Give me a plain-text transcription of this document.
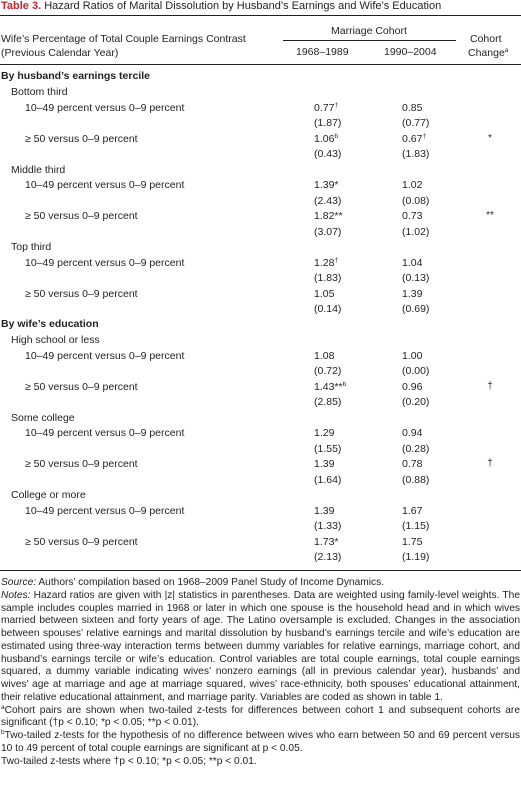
Table 3. Hazard Ratios of Marital Dissolution by Husband’s Earnings and Wife’s Education
Wife’s Percentage of Total Couple Earnings Contrast
(Previous Calendar Year)
Marriage Cohort
1968–1989	1990–2004
Cohort
Change$^a$
By husband’s earnings tercile
Bottom third
10–49 percent versus 0–9 percent	0.77†	0.85
(1.87)	(0.77)
≥ 50 versus 0–9 percent	1.06$^b$	0.67†	*
(0.43)	(1.83)
Middle third
10–49 percent versus 0–9 percent	1.39*	1.02
(2.43)	(0.08)
≥ 50 versus 0–9 percent	1.82**	0.73	**
(3.07)	(1.02)
Top third
10–49 percent versus 0–9 percent	1.28†	1.04
(1.83)	(0.13)
≥ 50 versus 0–9 percent	1.05	1.39
(0.14)	(0.69)
By wife’s education
High school or less
10–49 percent versus 0–9 percent	1.08	1.00
(0.72)	(0.00)
≥ 50 versus 0–9 percent	1.43**$^b$	0.96	†
(2.85)	(0.20)
Some college
10–49 percent versus 0–9 percent	1.29	0.94
(1.55)	(0.28)
≥ 50 versus 0–9 percent	1.39	0.78	†
(1.64)	(0.88)
College or more
10–49 percent versus 0–9 percent	1.39	1.67
(1.33)	(1.15)
≥ 50 versus 0–9 percent	1.73*	1.75
(2.13)	(1.19)

Source: Authors’ compilation based on 1968–2009 Panel Study of Income Dynamics.

Notes: Hazard ratios are given with |z| statistics in parentheses. Data are weighted using family-level weights. The sample includes couples married in 1968 or later in which one spouse is the household head and in which wives married between sixteen and forty years of age. The Latino oversample is excluded. Changes in the association between spouses’ relative earnings and marital dissolution by husband’s earnings tercile and wife’s education are estimated using three-way interaction terms between dummy variables for relative earnings, marriage cohort, and husband’s earnings tercile or wife’s education. Control variables are total couple earnings, total couple earnings squared, a dummy variable indicating wives’ nonzero earnings (all in previous calendar year), husbands’ and wives’ age at marriage and age at marriage squared, wives’ race-ethnicity, both spouses’ educational attainment, their relative educational attainment, and marriage parity. Variables are coded as shown in table 1.

$^a$Cohort pairs are shown when two-tailed z-tests for differences between cohort 1 and subsequent cohorts are significant (†p < 0.10; *p < 0.05; **p < 0.01).

$^b$Two-tailed z-tests for the hypothesis of no difference between wives who earn between 50 and 69 percent versus 10 to 49 percent of total couple earnings are significant at p < 0.05.

Two-tailed z-tests where †p < 0.10; *p < 0.05; **p < 0.01.
